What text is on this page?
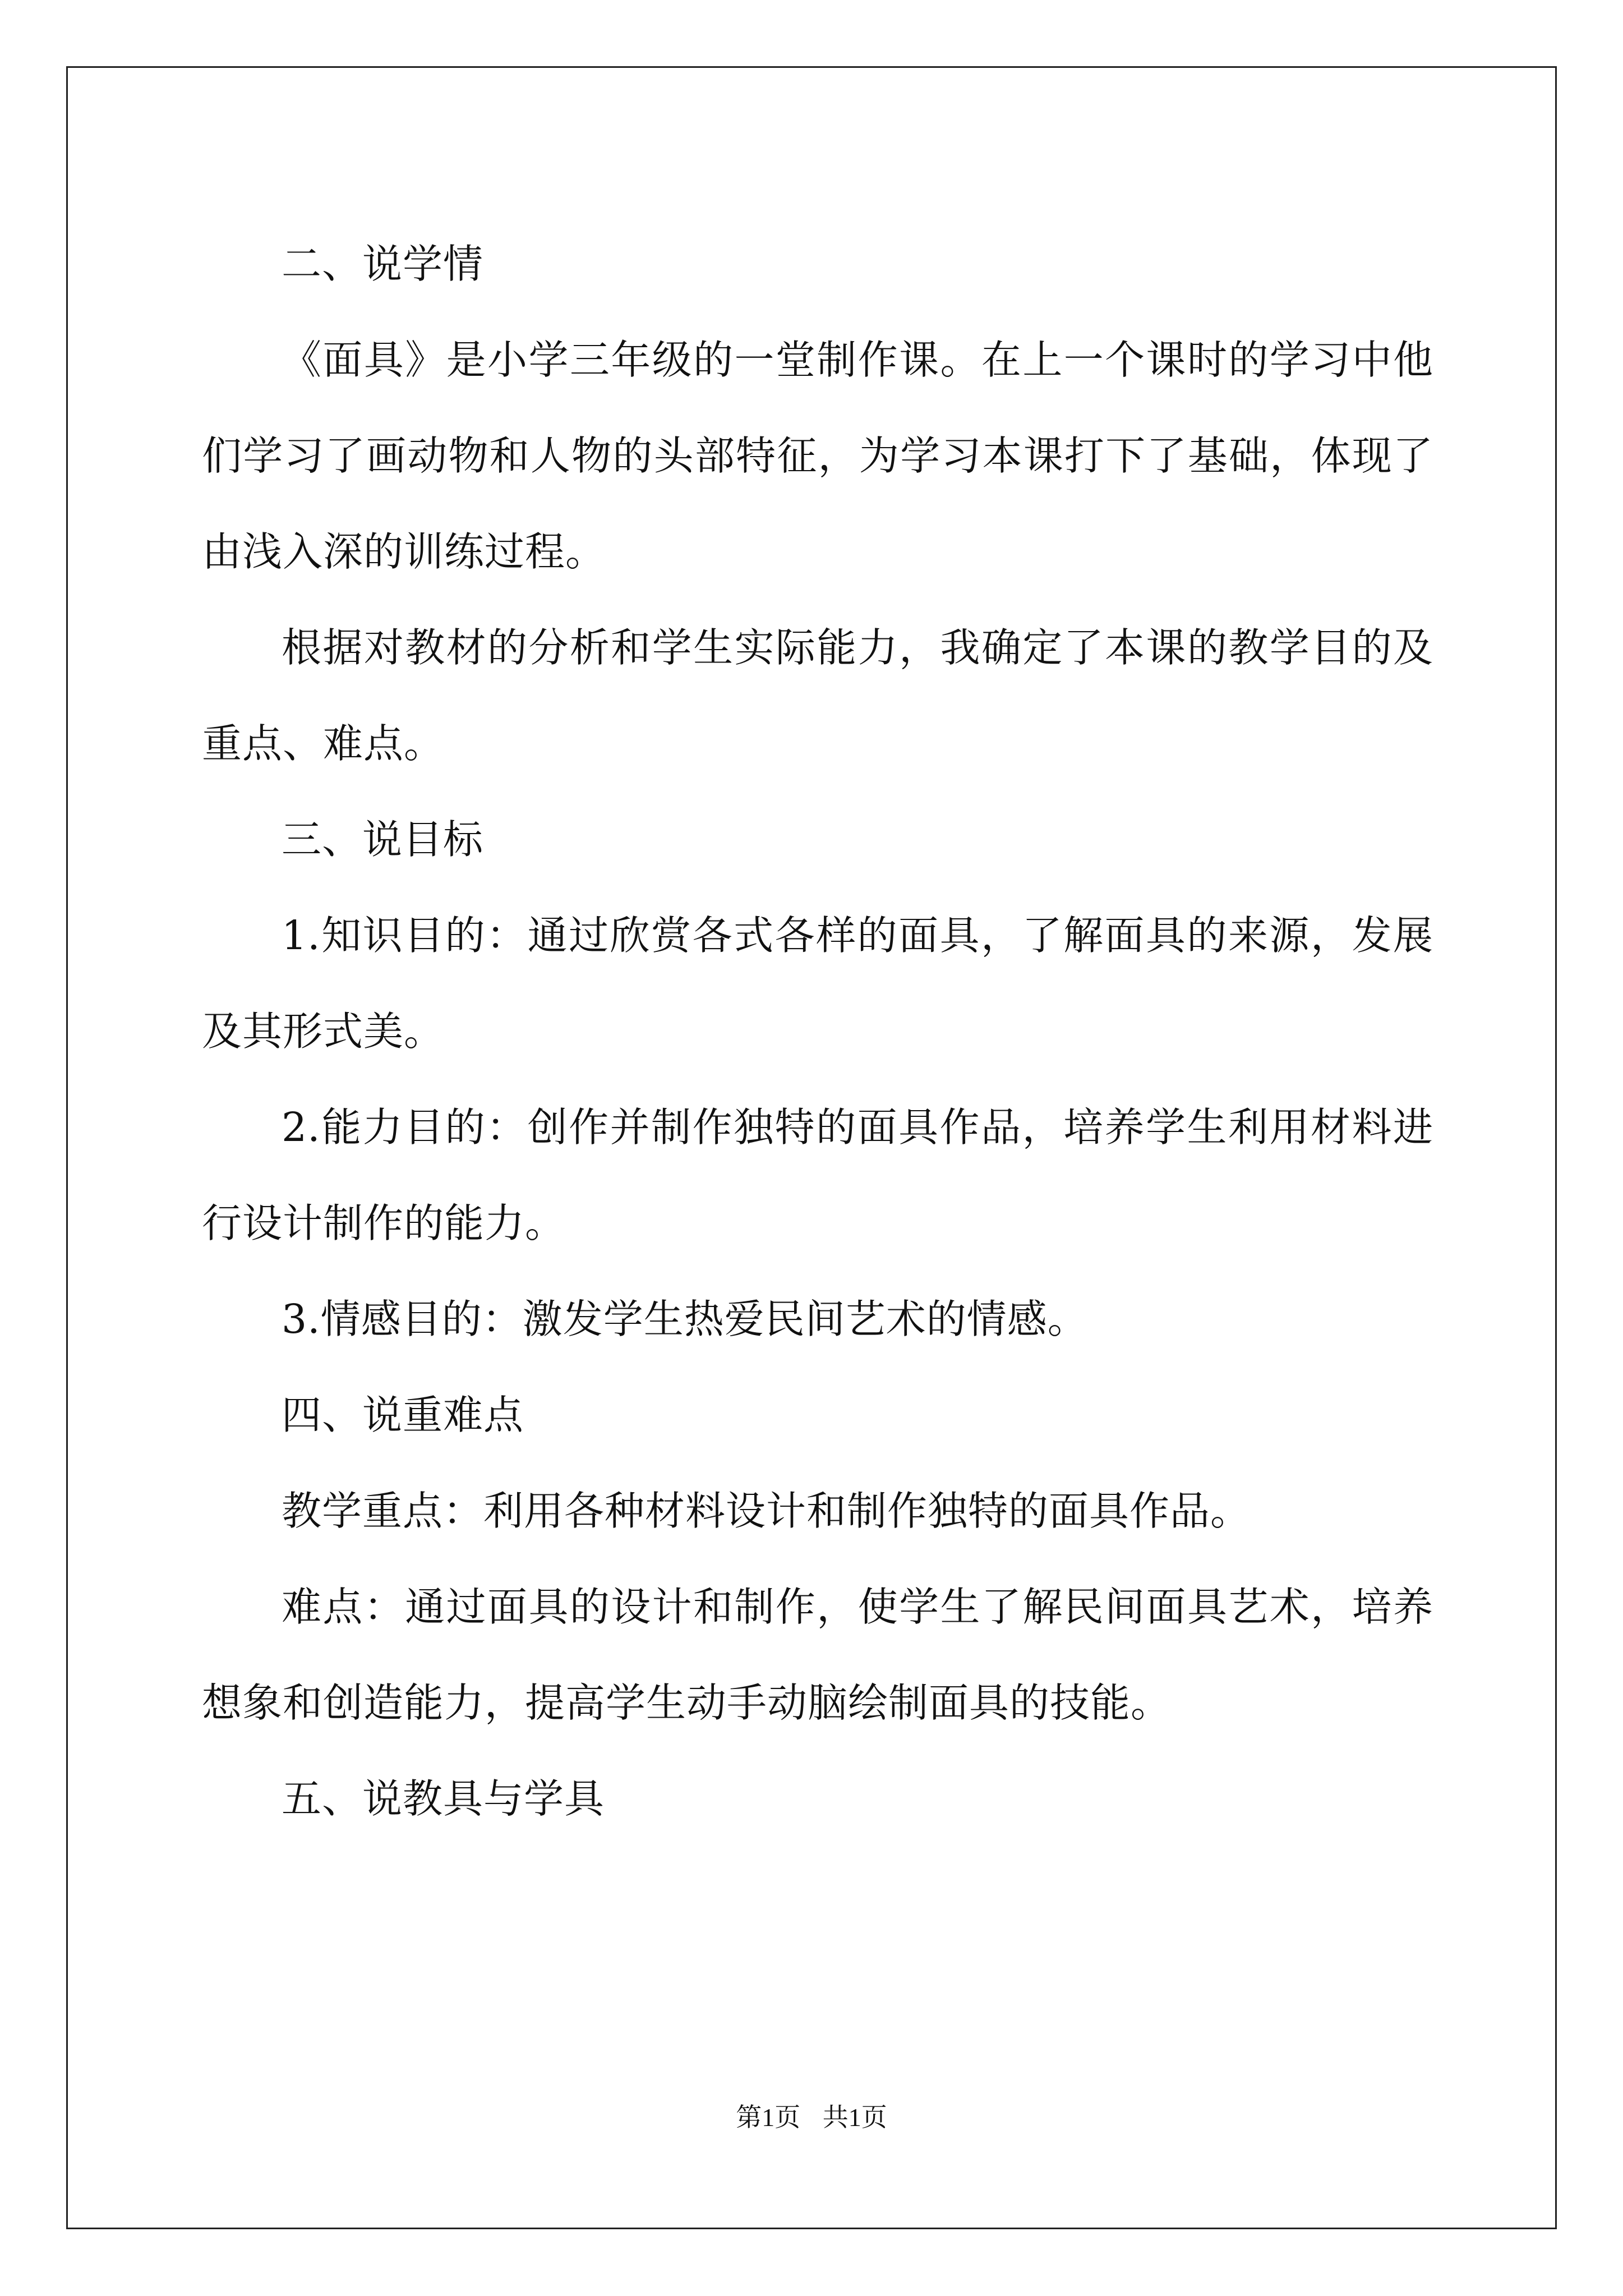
二、说学情

《面具》是小学三年级的一堂制作课。在上一个课时的学习中他们学习了画动物和人物的头部特征，为学习本课打下了基础，体现了由浅入深的训练过程。

根据对教材的分析和学生实际能力，我确定了本课的教学目的及重点、难点。

三、说目标

1.知识目的：通过欣赏各式各样的面具，了解面具的来源，发展及其形式美。

2.能力目的：创作并制作独特的面具作品，培养学生利用材料进行设计制作的能力。

3.情感目的：激发学生热爱民间艺术的情感。

四、说重难点

教学重点：利用各种材料设计和制作独特的面具作品。

难点：通过面具的设计和制作，使学生了解民间面具艺术，培养想象和创造能力，提高学生动手动脑绘制面具的技能。

五、说教具与学具

第1页 共1页
